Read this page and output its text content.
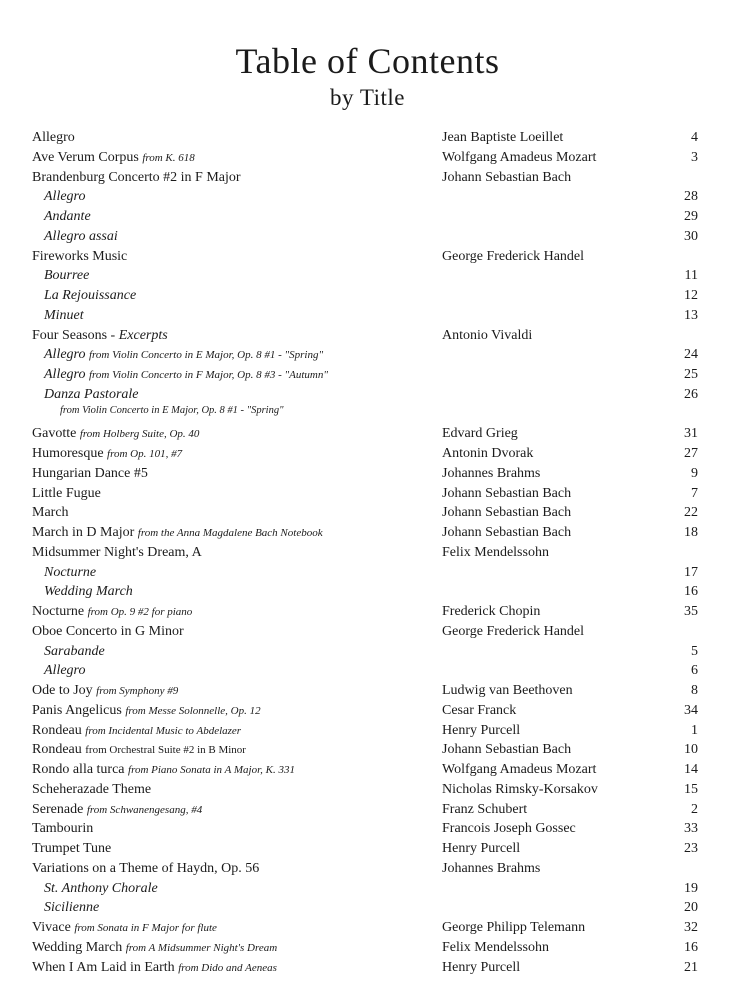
Table of Contents
by Title
Allegro	Jean Baptiste Loeillet	4
Ave Verum Corpus from K. 618	Wolfgang Amadeus Mozart	3
Brandenburg Concerto #2 in F Major	Johann Sebastian Bach
Allegro	28
Andante	29
Allegro assai	30
Fireworks Music	George Frederick Handel
Bourree	11
La Rejouissance	12
Minuet	13
Four Seasons - Excerpts	Antonio Vivaldi
Allegro from Violin Concerto in E Major, Op. 8 #1 - "Spring"	24
Allegro from Violin Concerto in F Major, Op. 8 #3 - "Autumn"	25
Danza Pastorale	26
from Violin Concerto in E Major, Op. 8 #1 - "Spring"
Gavotte from Holberg Suite, Op. 40	Edvard Grieg	31
Humoresque from Op. 101, #7	Antonin Dvorak	27
Hungarian Dance #5	Johannes Brahms	9
Little Fugue	Johann Sebastian Bach	7
March	Johann Sebastian Bach	22
March in D Major from the Anna Magdalene Bach Notebook	Johann Sebastian Bach	18
Midsummer Night's Dream, A	Felix Mendelssohn
Nocturne	17
Wedding March	16
Nocturne from Op. 9 #2 for piano	Frederick Chopin	35
Oboe Concerto in G Minor	George Frederick Handel
Sarabande	5
Allegro	6
Ode to Joy from Symphony #9	Ludwig van Beethoven	8
Panis Angelicus from Messe Solonnelle, Op. 12	Cesar Franck	34
Rondeau from Incidental Music to Abdelazer	Henry Purcell	1
Rondeau from Orchestral Suite #2 in B Minor	Johann Sebastian Bach	10
Rondo alla turca from Piano Sonata in A Major, K. 331	Wolfgang Amadeus Mozart	14
Scheherazade Theme	Nicholas Rimsky-Korsakov	15
Serenade from Schwanengesang, #4	Franz Schubert	2
Tambourin	Francois Joseph Gossec	33
Trumpet Tune	Henry Purcell	23
Variations on a Theme of Haydn, Op. 56	Johannes Brahms
St. Anthony Chorale	19
Sicilienne	20
Vivace from Sonata in F Major for flute	George Philipp Telemann	32
Wedding March from A Midsummer Night's Dream	Felix Mendelssohn	16
When I Am Laid in Earth from Dido and Aeneas	Henry Purcell	21
